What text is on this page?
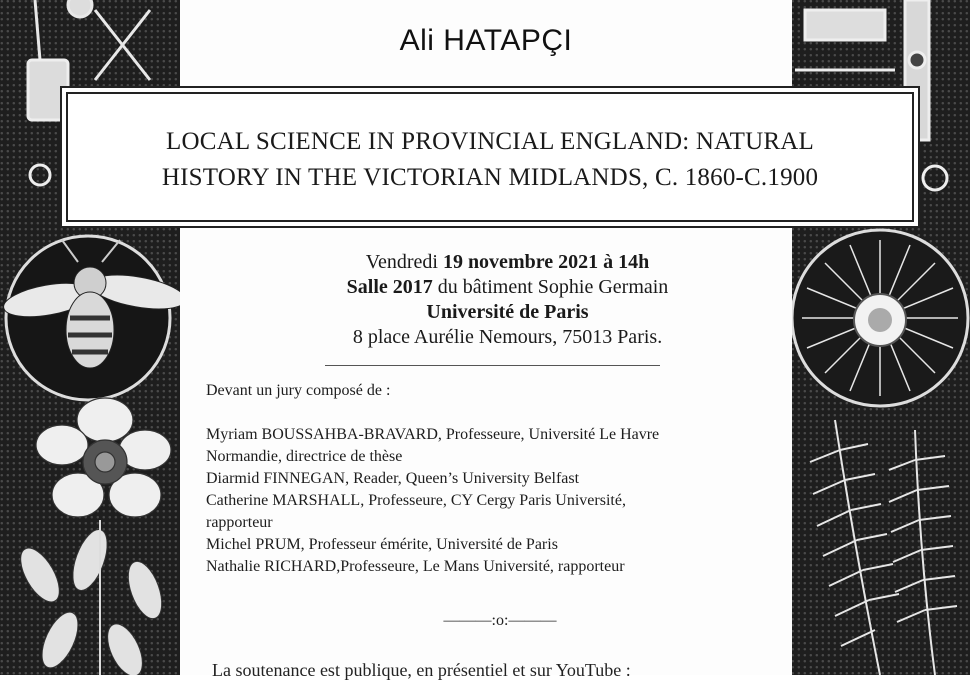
Ali HATAPÇI
LOCAL SCIENCE IN PROVINCIAL ENGLAND: NATURAL
HISTORY IN THE VICTORIAN MIDLANDS, C. 1860-C.1900
Vendredi 19 novembre 2021 à 14h
Salle 2017 du bâtiment Sophie Germain
Université de Paris
8 place Aurélie Nemours, 75013 Paris.
Devant un jury composé de :
Myriam BOUSSAHBA-BRAVARD, Professeure, Université Le Havre
Normandie, directrice de thèse
Diarmid FINNEGAN, Reader, Queen’s University Belfast
Catherine MARSHALL, Professeure, CY Cergy Paris Université,
rapporteur
Michel PRUM, Professeur émérite, Université de Paris
Nathalie RICHARD,Professeure, Le Mans Université, rapporteur
———:o:———
La soutenance est publique, en présentiel et sur YouTube :
